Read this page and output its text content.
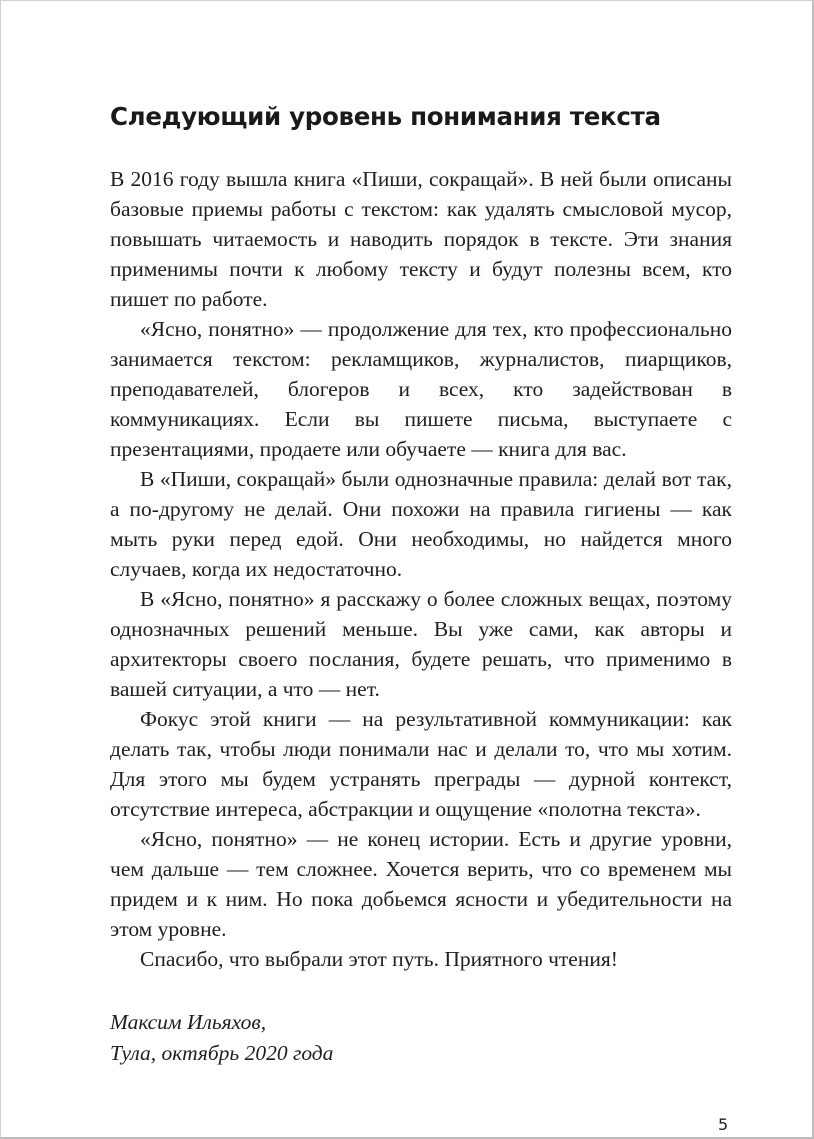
Следующий уровень понимания текста

В 2016 году вышла книга «Пиши, сокращай». В ней были описаны базовые приемы работы с текстом: как удалять смысловой мусор, повышать читаемость и наводить порядок в тексте. Эти знания применимы почти к любому тексту и будут полезны всем, кто пишет по работе.

«Ясно, понятно» — продолжение для тех, кто профессионально занимается текстом: рекламщиков, журналистов, пиарщиков, преподавателей, блогеров и всех, кто задействован в коммуникациях. Если вы пишете письма, выступаете с презентациями, продаете или обучаете — книга для вас.

В «Пиши, сокращай» были однозначные правила: делай вот так, а по-другому не делай. Они похожи на правила гигиены — как мыть руки перед едой. Они необходимы, но найдется много случаев, когда их недостаточно.

В «Ясно, понятно» я расскажу о более сложных вещах, поэтому однозначных решений меньше. Вы уже сами, как авторы и архитекторы своего послания, будете решать, что применимо в вашей ситуации, а что — нет.

Фокус этой книги — на результативной коммуникации: как делать так, чтобы люди понимали нас и делали то, что мы хотим. Для этого мы будем устранять преграды — дурной контекст, отсутствие интереса, абстракции и ощущение «полотна текста».

«Ясно, понятно» — не конец истории. Есть и другие уровни, чем дальше — тем сложнее. Хочется верить, что со временем мы придем и к ним. Но пока добьемся ясности и убедительности на этом уровне.

Спасибо, что выбрали этот путь. Приятного чтения!

Максим Ильяхов,
Тула, октябрь 2020 года
5
